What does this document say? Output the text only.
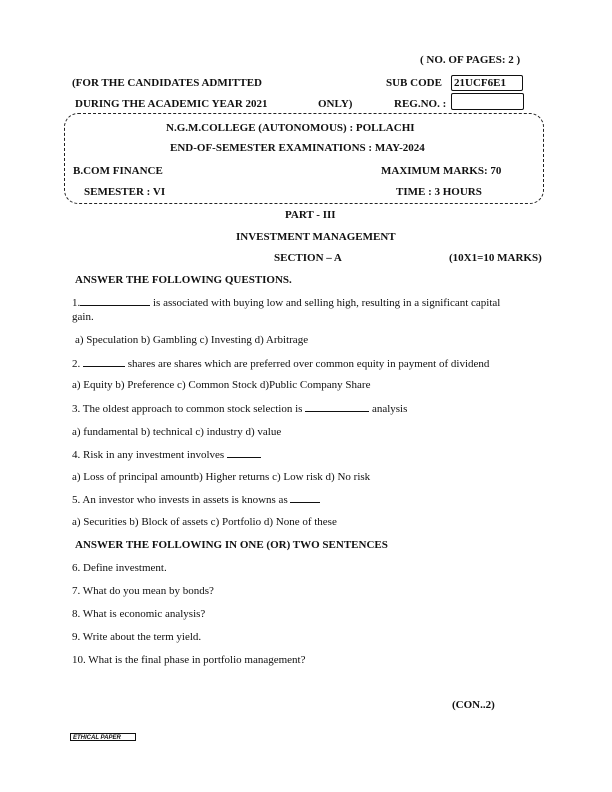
( NO. OF PAGES: 2 )
(FOR THE CANDIDATES ADMITTED	SUB CODE 21UCF6E1
DURING THE ACADEMIC YEAR 2021	ONLY)	REG.NO. :
N.G.M.COLLEGE (AUTONOMOUS) : POLLACHI
END-OF-SEMESTER EXAMINATIONS : MAY-2024
B.COM FINANCE	MAXIMUM MARKS: 70
SEMESTER : VI	TIME : 3 HOURS
PART - III
INVESTMENT MANAGEMENT
SECTION – A	(10X1=10 MARKS)
ANSWER THE FOLLOWING QUESTIONS.
1.	is associated with buying low and selling high, resulting in a significant capital
gain.
a) Speculation b) Gambling c) Investing d) Arbitrage
2.	shares are shares which are preferred over common equity in payment of dividend
a) Equity b) Preference c) Common Stock d)Public Company Share
3. The oldest approach to common stock selection is	analysis
a) fundamental b) technical c) industry d) value
4. Risk in any investment involves
a) Loss of principal amountb) Higher returns c) Low risk d) No risk
5. An investor who invests in assets is knowns as
a) Securities b) Block of assets c) Portfolio d) None of these
ANSWER THE FOLLOWING IN ONE (OR) TWO SENTENCES
6. Define investment.
7. What do you mean by bonds?
8. What is economic analysis?
9. Write about the term yield.
10. What is the final phase in portfolio management?
(CON..2)
ETHICAL PAPER
